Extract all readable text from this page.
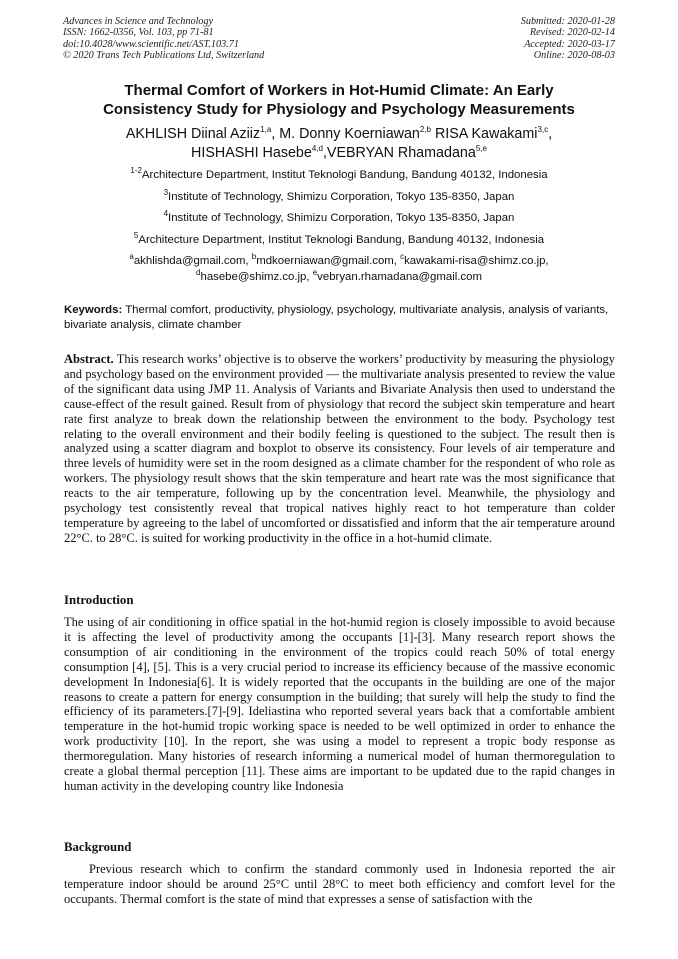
Advances in Science and Technology
ISSN: 1662-0356, Vol. 103, pp 71-81
doi:10.4028/www.scientific.net/AST.103.71
© 2020 Trans Tech Publications Ltd, Switzerland
Submitted: 2020-01-28
Revised: 2020-02-14
Accepted: 2020-03-17
Online: 2020-08-03
Thermal Comfort of Workers in Hot-Humid Climate: An Early
Consistency Study for Physiology and Psychology Measurements
AKHLISH Diinal Aziiz$^{1,a}$, M. Donny Koerniawan$^{2,b}$ RISA Kawakami$^{3,c}$,
HISHASHI Hasebe$^{4,d}$,VEBRYAN Rhamadana$^{5,e}$
$^{1-2}$Architecture Department, Institut Teknologi Bandung, Bandung 40132, Indonesia
$^3$Institute of Technology, Shimizu Corporation, Tokyo 135-8350, Japan
$^4$Institute of Technology, Shimizu Corporation, Tokyo 135-8350, Japan
$^5$Architecture Department, Institut Teknologi Bandung, Bandung 40132, Indonesia
$^a$akhlishda@gmail.com, $^b$mdkoerniawan@gmail.com, $^c$kawakami-risa@shimz.co.jp,
$^d$hasebe@shimz.co.jp, $^e$vebryan.rhamadana@gmail.com
Keywords: Thermal comfort, productivity, physiology, psychology, multivariate analysis, analysis of variants, bivariate analysis, climate chamber
Abstract. This research works’ objective is to observe the workers’ productivity by measuring the physiology and psychology based on the environment provided — the multivariate analysis presented to review the value of the significant data using JMP 11. Analysis of Variants and Bivariate Analysis then used to understand the cause-effect of the result gained. Result from of physiology that record the subject skin temperature and heart rate first analyze to break down the relationship between the environment to the body. Psychology test relating to the overall environment and their bodily feeling is questioned to the subject. The result then is analyzed using a scatter diagram and boxplot to observe its consistency. Four levels of air temperature and three levels of humidity were set in the room designed as a climate chamber for the respondent of who role as workers. The physiology result shows that the skin temperature and heart rate was the most significance that reacts to the air temperature, following up by the concentration level. Meanwhile, the physiology and psychology test consistently reveal that tropical natives highly react to hot temperature than colder temperature by agreeing to the label of uncomforted or dissatisfied and inform that the air temperature around 22°C. to 28°C. is suited for working productivity in the office in a hot-humid climate.
Introduction
The using of air conditioning in office spatial in the hot-humid region is closely impossible to avoid because it is affecting the level of productivity among the occupants [1]-[3]. Many research report shows the consumption of air conditioning in the environment of the tropics could reach 50% of total energy consumption [4], [5]. This is a very crucial period to increase its efficiency because of the massive economic development In Indonesia[6]. It is widely reported that the occupants in the building are one of the major reasons to create a pattern for energy consumption in the building; that surely will help the study to find the efficiency of its parameters.[7]-[9]. Ideliastina who reported several years back that a comfortable ambient temperature in the hot-humid tropic working space is needed to be well optimized in order to enhance the work productivity [10]. In the report, she was using a model to represent a tropic body response as thermoregulation. Many histories of research informing a numerical model of human thermoregulation to create a global thermal perception [11]. These aims are important to be updated due to the rapid changes in human activity in the developing country like Indonesia
Background
Previous research which to confirm the standard commonly used in Indonesia reported the air temperature indoor should be around 25°C until 28°C to meet both efficiency and comfort level for the occupants. Thermal comfort is the state of mind that expresses a sense of satisfaction with the
